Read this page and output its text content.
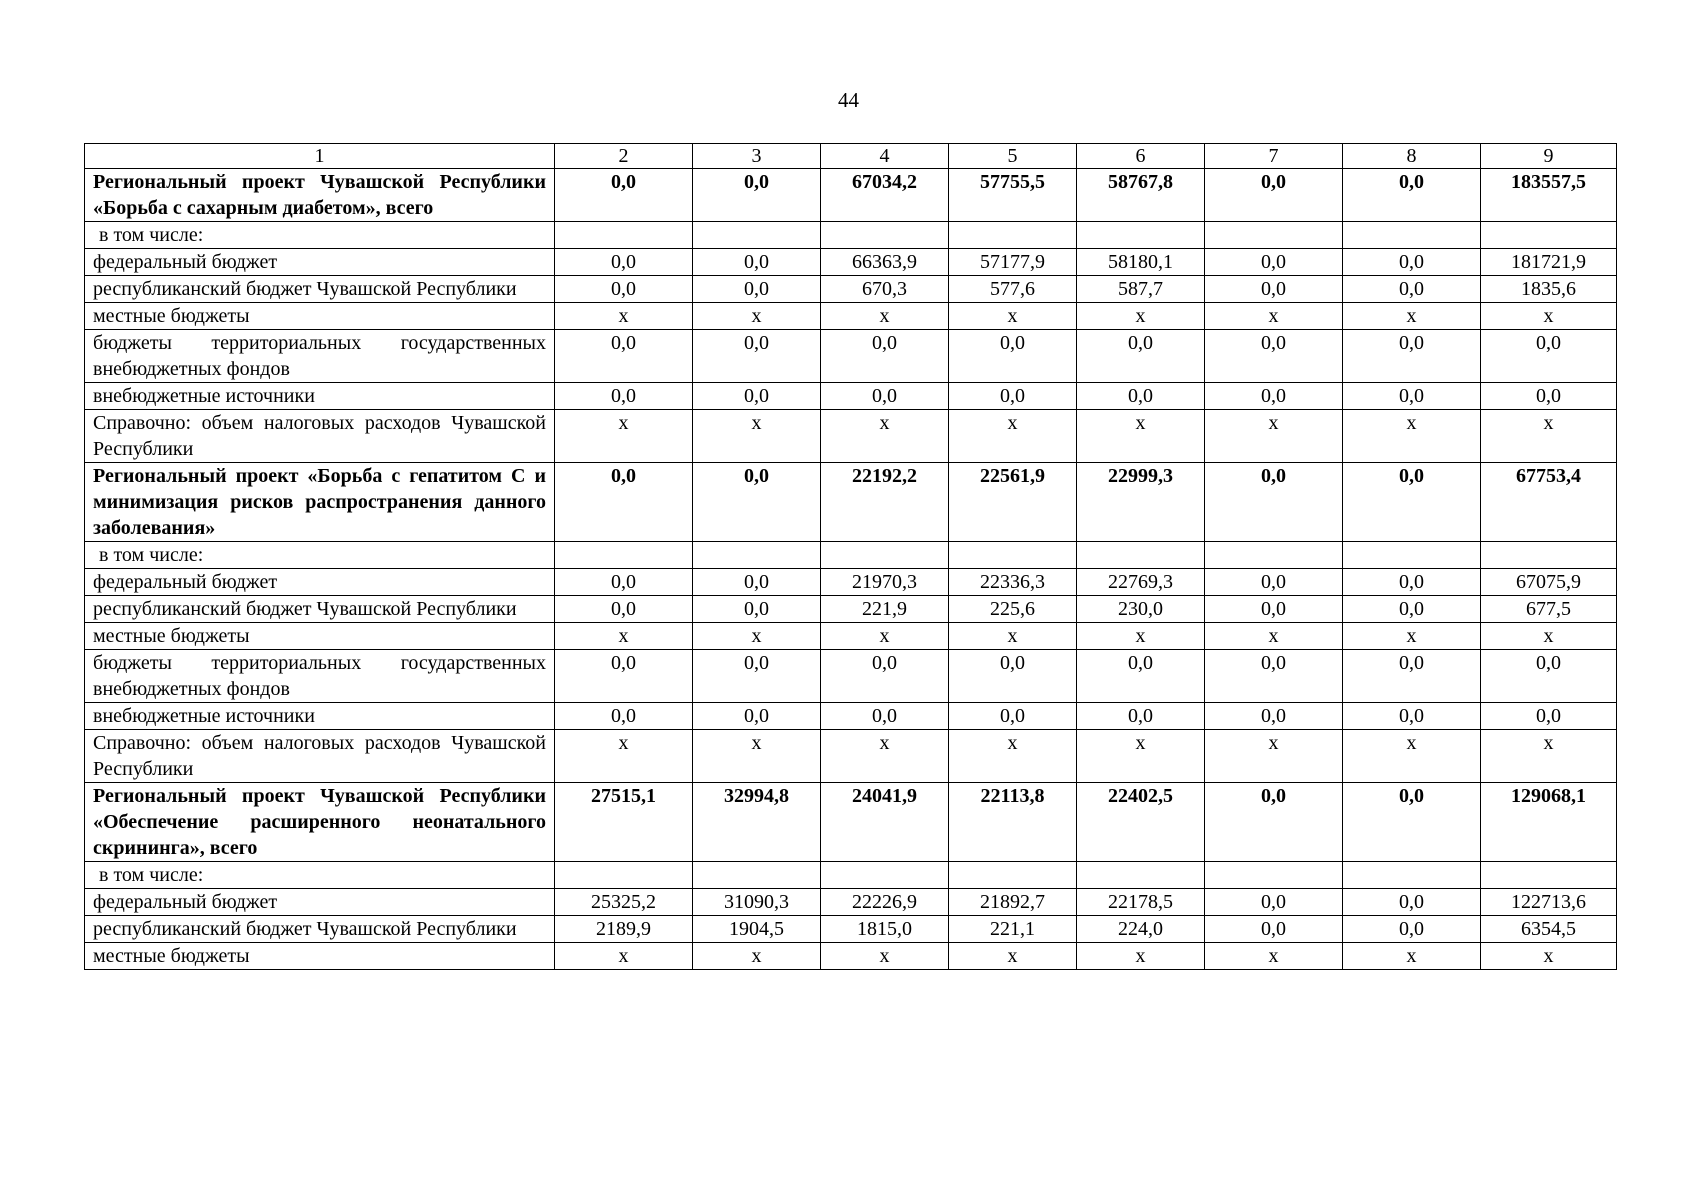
44
1	2	3	4	5	6	7	8	9
Региональный проект Чувашской Республики «Борьба с сахарным диабетом», всего	0,0	0,0	67034,2	57755,5	58767,8	0,0	0,0	183557,5
в том числе:								
федеральный бюджет	0,0	0,0	66363,9	57177,9	58180,1	0,0	0,0	181721,9
республиканский бюджет Чувашской Республики	0,0	0,0	670,3	577,6	587,7	0,0	0,0	1835,6
местные бюджеты	х	х	х	х	х	х	х	х
бюджеты территориальных государственных внебюджетных фондов	0,0	0,0	0,0	0,0	0,0	0,0	0,0	0,0
внебюджетные источники	0,0	0,0	0,0	0,0	0,0	0,0	0,0	0,0
Справочно: объем налоговых расходов Чувашской Республики	х	х	х	х	х	х	х	х
Региональный проект «Борьба с гепатитом С и минимизация рисков распространения данного заболевания»	0,0	0,0	22192,2	22561,9	22999,3	0,0	0,0	67753,4
в том числе:								
федеральный бюджет	0,0	0,0	21970,3	22336,3	22769,3	0,0	0,0	67075,9
республиканский бюджет Чувашской Республики	0,0	0,0	221,9	225,6	230,0	0,0	0,0	677,5
местные бюджеты	х	х	х	х	х	х	х	х
бюджеты территориальных государственных внебюджетных фондов	0,0	0,0	0,0	0,0	0,0	0,0	0,0	0,0
внебюджетные источники	0,0	0,0	0,0	0,0	0,0	0,0	0,0	0,0
Справочно: объем налоговых расходов Чувашской Республики	х	х	х	х	х	х	х	х
Региональный проект Чувашской Республики «Обеспечение расширенного неонатального скрининга», всего	27515,1	32994,8	24041,9	22113,8	22402,5	0,0	0,0	129068,1
в том числе:								
федеральный бюджет	25325,2	31090,3	22226,9	21892,7	22178,5	0,0	0,0	122713,6
республиканский бюджет Чувашской Республики	2189,9	1904,5	1815,0	221,1	224,0	0,0	0,0	6354,5
местные бюджеты	х	х	х	х	х	х	х	х
